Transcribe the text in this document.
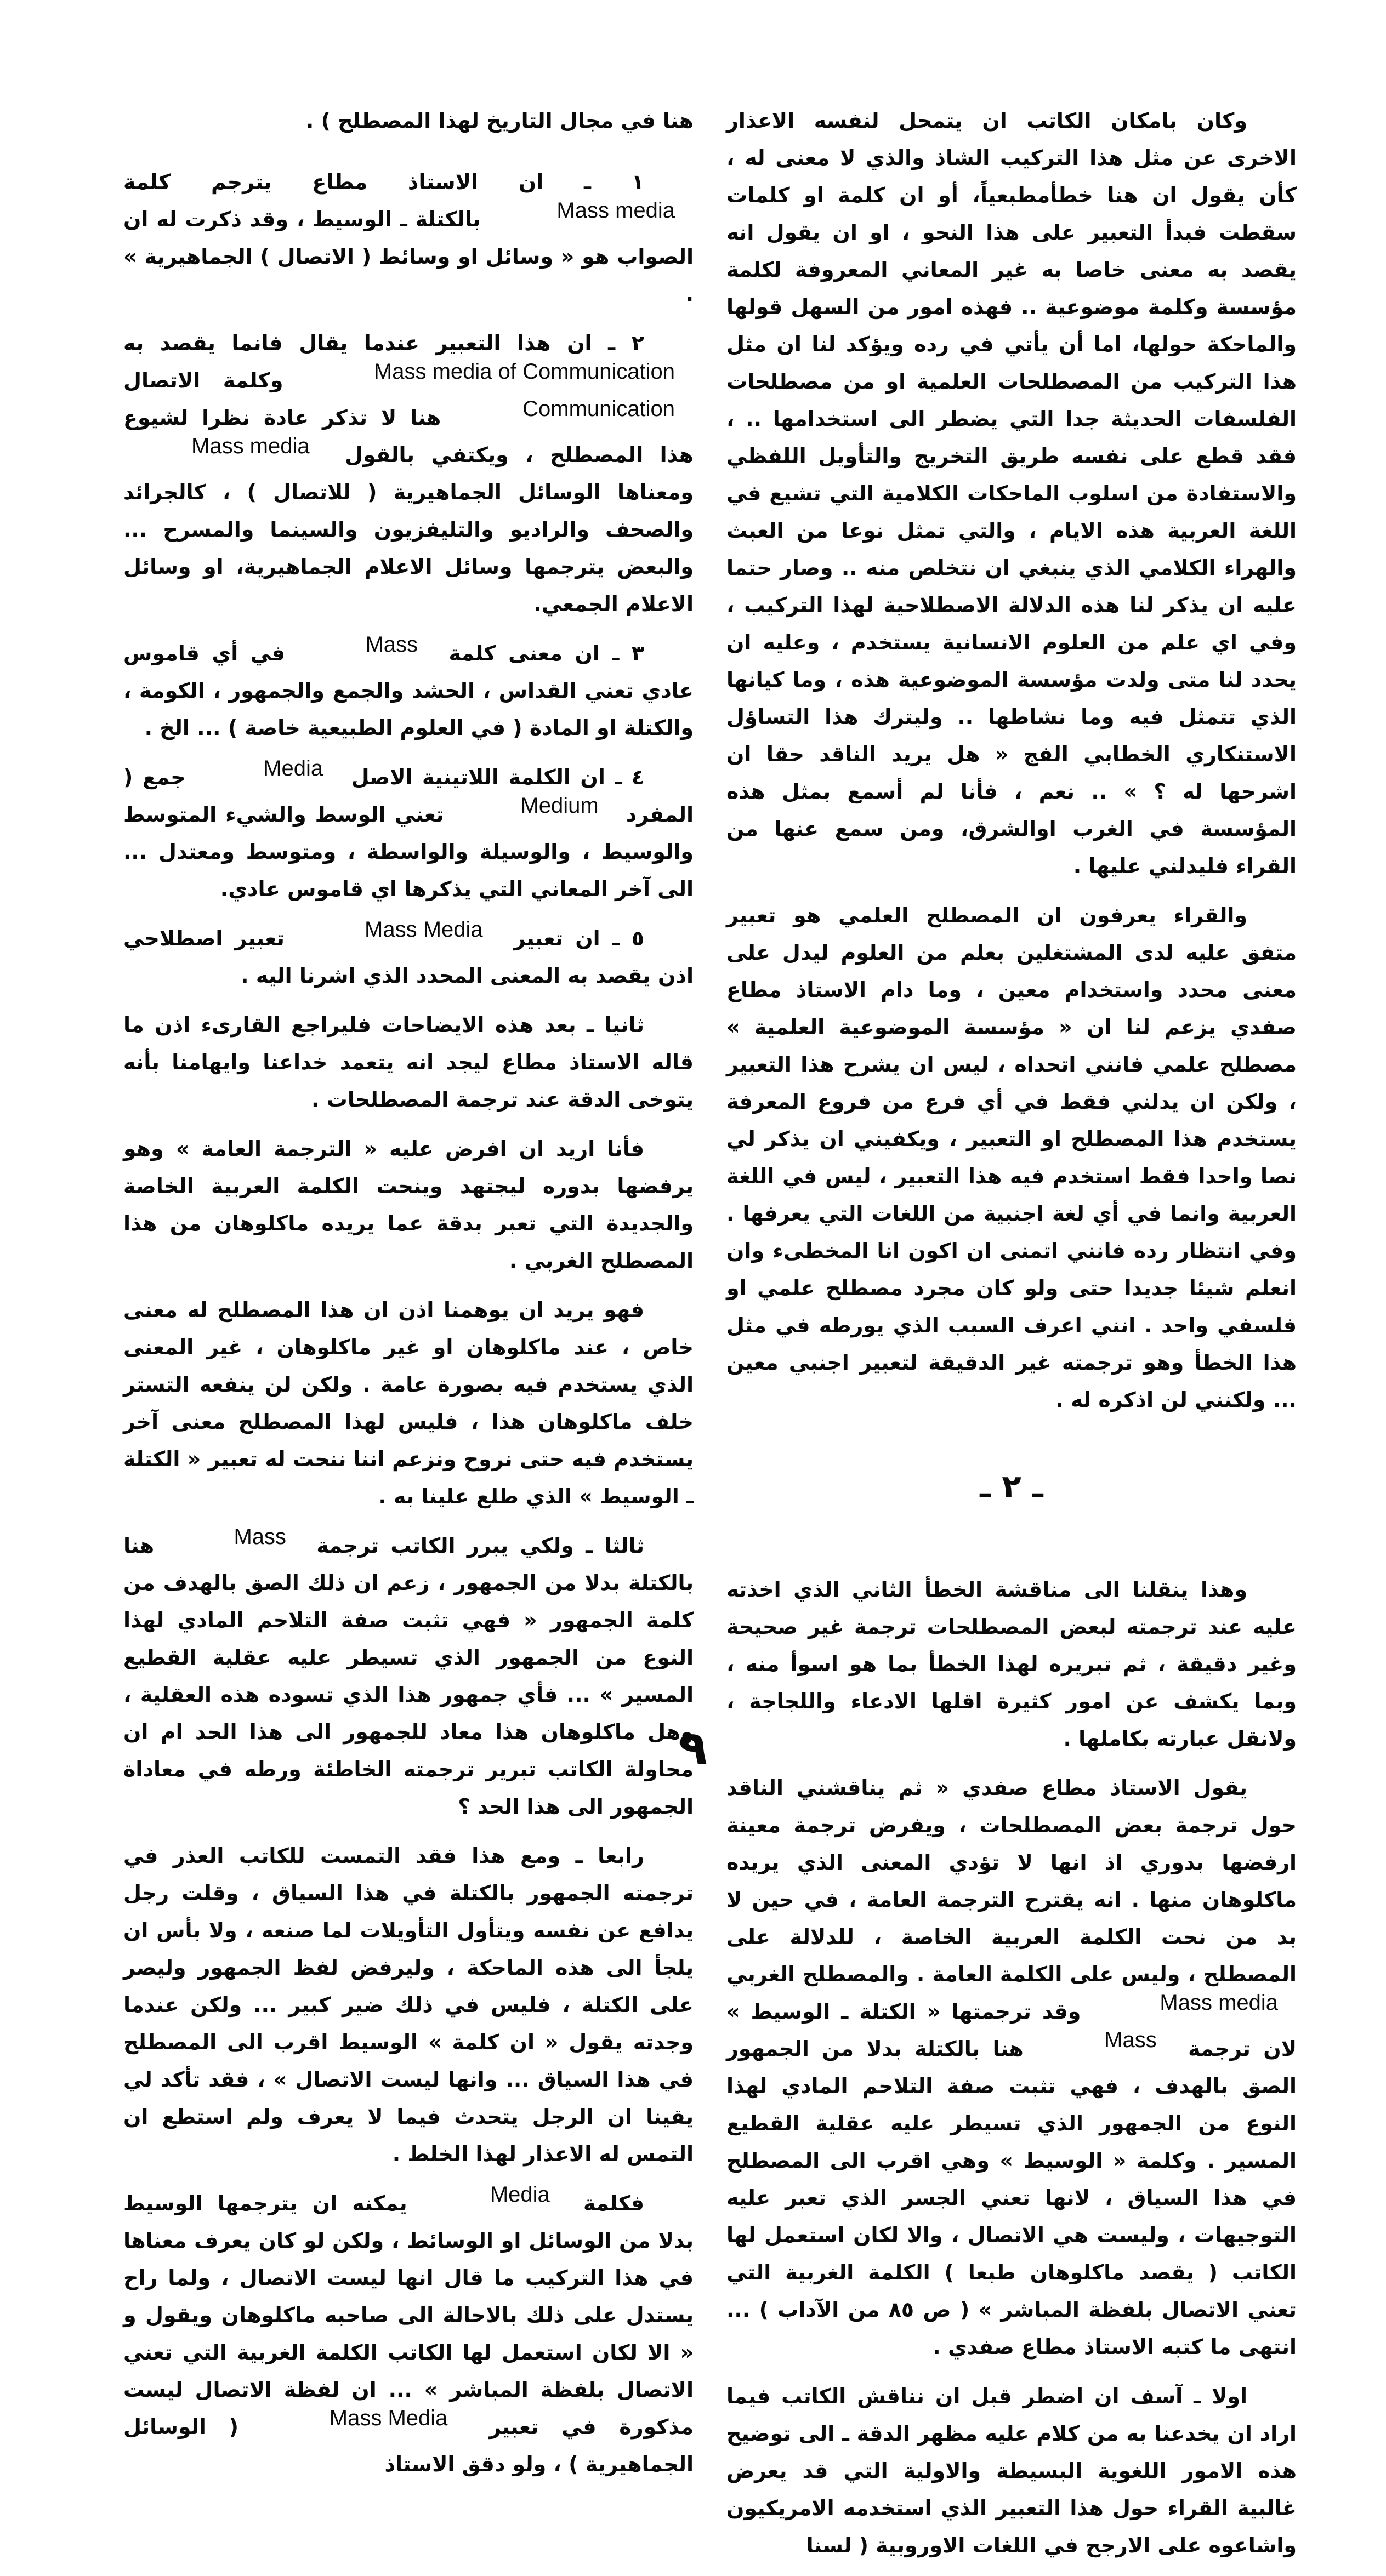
وكان بامكان الكاتب ان يتمحل لنفسه الاعذار الاخرى عن مثل هذا التركيب الشاذ والذي لا معنى له ، كأن يقول ان هنا خطأمطبعياً، أو ان كلمة او كلمات سقطت فبدأ التعبير على هذا النحو ، او ان يقول انه يقصد به معنى خاصا به غير المعاني المعروفة لكلمة مؤسسة وكلمة موضوعية .. فهذه امور من السهل قولها والماحكة حولها، اما أن يأتي في رده ويؤكد لنا ان مثل هذا التركيب من المصطلحات العلمية او من مصطلحات الفلسفات الحديثة جدا التي يضطر الى استخدامها .. ، فقد قطع على نفسه طريق التخريج والتأويل اللفظي والاستفادة من اسلوب الماحكات الكلامية التي تشيع في اللغة العربية هذه الايام ، والتي تمثل نوعا من العبث والهراء الكلامي الذي ينبغي ان نتخلص منه .. وصار حتما عليه ان يذكر لنا هذه الدلالة الاصطلاحية لهذا التركيب ، وفي اي علم من العلوم الانسانية يستخدم ، وعليه ان يحدد لنا متى ولدت مؤسسة الموضوعية هذه ، وما كيانها الذي تتمثل فيه وما نشاطها .. وليترك هذا التساؤل الاستنكاري الخطابي الفج « هل يريد الناقد حقا ان اشرحها له ؟ » .. نعم ، فأنا لم أسمع بمثل هذه المؤسسة في الغرب اوالشرق، ومن سمع عنها من القراء فليدلني عليها .

والقراء يعرفون ان المصطلح العلمي هو تعبير متفق عليه لدى المشتغلين بعلم من العلوم ليدل على معنى محدد واستخدام معين ، وما دام الاستاذ مطاع صفدي يزعم لنا ان « مؤسسة الموضوعية العلمية » مصطلح علمي فانني اتحداه ، ليس ان يشرح هذا التعبير ، ولكن ان يدلني فقط في أي فرع من فروع المعرفة يستخدم هذا المصطلح او التعبير ، ويكفيني ان يذكر لي نصا واحدا فقط استخدم فيه هذا التعبير ، ليس في اللغة العربية وانما في أي لغة اجنبية من اللغات التي يعرفها . وفي انتظار رده فانني اتمنى ان اكون انا المخطىء وان انعلم شيئا جديدا حتى ولو كان مجرد مصطلح علمي او فلسفي واحد . انني اعرف السبب الذي يورطه في مثل هذا الخطأ وهو ترجمته غير الدقيقة لتعبير اجنبي معين ... ولكنني لن اذكره له .

ـ ٢ ـ

وهذا ينقلنا الى مناقشة الخطأ الثاني الذي اخذته عليه عند ترجمته لبعض المصطلحات ترجمة غير صحيحة وغير دقيقة ، ثم تبريره لهذا الخطأ بما هو اسوأ منه ، وبما يكشف عن امور كثيرة اقلها الادعاء واللجاجة ، ولانقل عبارته بكاملها .

يقول الاستاذ مطاع صفدي « ثم يناقشني الناقد حول ترجمة بعض المصطلحات ، ويفرض ترجمة معينة ارفضها بدوري اذ انها لا تؤدي المعنى الذي يريده ماكلوهان منها . انه يقترح الترجمة العامة ، في حين لا بد من نحت الكلمة العربية الخاصة ، للدلالة على المصطلح ، وليس على الكلمة العامة . والمصطلح الغربي Mass media وقد ترجمتها « الكتلة ـ الوسيط » لان ترجمة Mass هنا بالكتلة بدلا من الجمهور الصق بالهدف ، فهي تثبت صفة التلاحم المادي لهذا النوع من الجمهور الذي تسيطر عليه عقلية القطيع المسير . وكلمة « الوسيط » وهي اقرب الى المصطلح في هذا السياق ، لانها تعني الجسر الذي تعبر عليه التوجيهات ، وليست هي الاتصال ، والا لكان استعمل لها الكاتب ( يقصد ماكلوهان طبعا ) الكلمة الغربية التي تعني الاتصال بلفظة المباشر » ( ص ٨٥ من الآداب ) ... انتهى ما كتبه الاستاذ مطاع صفدي .

اولا ـ آسف ان اضطر قبل ان نناقش الكاتب فيما اراد ان يخدعنا به من كلام عليه مظهر الدقة ـ الى توضيح هذه الامور اللغوية البسيطة والاولية التي قد يعرض غالبية القراء حول هذا التعبير الذي استخدمه الامريكيون واشاعوه على الارجح في اللغات الاوروبية ( لسنا

هنا في مجال التاريخ لهذا المصطلح ) .

١ ـ ان الاستاذ مطاع يترجم كلمة Mass media بالكتلة ـ الوسيط ، وقد ذكرت له ان الصواب هو « وسائل او وسائط ( الاتصال ) الجماهيرية » .

٢ ـ ان هذا التعبير عندما يقال فانما يقصد به Mass media of Communication وكلمة الاتصال Communication هنا لا تذكر عادة نظرا لشيوع هذا المصطلح ، ويكتفي بالقول Mass media ومعناها الوسائل الجماهيرية ( للاتصال ) ، كالجرائد والصحف والراديو والتليفزيون والسينما والمسرح ... والبعض يترجمها وسائل الاعلام الجماهيرية، او وسائل الاعلام الجمعي.

٣ ـ ان معنى كلمة Mass في أي قاموس عادي تعني القداس ، الحشد والجمع والجمهور ، الكومة ، والكتلة او المادة ( في العلوم الطبيعية خاصة ) ... الخ .

٤ ـ ان الكلمة اللاتينية الاصل Media جمع ( المفرد Medium تعني الوسط والشيء المتوسط والوسيط ، والوسيلة والواسطة ، ومتوسط ومعتدل ... الى آخر المعاني التي يذكرها اي قاموس عادي.

٥ ـ ان تعبير Mass Media تعبير اصطلاحي اذن يقصد به المعنى المحدد الذي اشرنا اليه .

ثانيا ـ بعد هذه الايضاحات فليراجع القارىء اذن ما قاله الاستاذ مطاع ليجد انه يتعمد خداعنا وايهامنا بأنه يتوخى الدقة عند ترجمة المصطلحات .

فأنا اريد ان افرض عليه « الترجمة العامة » وهو يرفضها بدوره ليجتهد وينحت الكلمة العربية الخاصة والجديدة التي تعبر بدقة عما يريده ماكلوهان من هذا المصطلح الغربي .

فهو يريد ان يوهمنا اذن ان هذا المصطلح له معنى خاص ، عند ماكلوهان او غير ماكلوهان ، غير المعنى الذي يستخدم فيه بصورة عامة . ولكن لن ينفعه التستر خلف ماكلوهان هذا ، فليس لهذا المصطلح معنى آخر يستخدم فيه حتى نروح ونزعم اننا ننحت له تعبير « الكتلة ـ الوسيط » الذي طلع علينا به .

ثالثا ـ ولكي يبرر الكاتب ترجمة Mass هنا بالكتلة بدلا من الجمهور ، زعم ان ذلك الصق بالهدف من كلمة الجمهور « فهي تثبت صفة التلاحم المادي لهذا النوع من الجمهور الذي تسيطر عليه عقلية القطيع المسير » ... فأي جمهور هذا الذي تسوده هذه العقلية ، وهل ماكلوهان هذا معاد للجمهور الى هذا الحد ام ان محاولة الكاتب تبرير ترجمته الخاطئة ورطه في معاداة الجمهور الى هذا الحد ؟

رابعا ـ ومع هذا فقد التمست للكاتب العذر في ترجمته الجمهور بالكتلة في هذا السياق ، وقلت رجل يدافع عن نفسه ويتأول التأويلات لما صنعه ، ولا بأس ان يلجأ الى هذه الماحكة ، وليرفض لفظ الجمهور وليصر على الكتلة ، فليس في ذلك ضير كبير ... ولكن عندما وجدته يقول « ان كلمة » الوسيط اقرب الى المصطلح في هذا السياق ... وانها ليست الاتصال » ، فقد تأكد لي يقينا ان الرجل يتحدث فيما لا يعرف ولم استطع ان التمس له الاعذار لهذا الخلط .

فكلمة Media يمكنه ان يترجمها الوسيط بدلا من الوسائل او الوسائط ، ولكن لو كان يعرف معناها في هذا التركيب ما قال انها ليست الاتصال ، ولما راح يستدل على ذلك بالاحالة الى صاحبه ماكلوهان ويقول و « الا لكان استعمل لها الكاتب الكلمة الغربية التي تعني الاتصال بلفظة المباشر » ... ان لفظة الاتصال ليست مذكورة في تعبير Mass Media ( الوسائل الجماهيرية ) ، ولو دقق الاستاذ

٩
